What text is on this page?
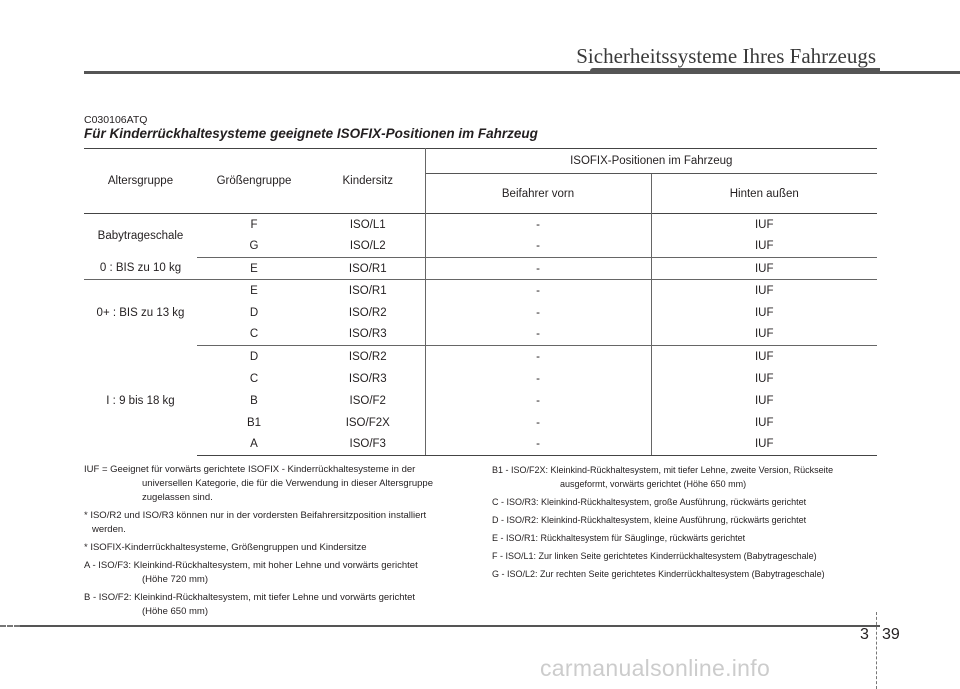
Sicherheitssysteme Ihres Fahrzeugs
C030106ATQ
Für Kinderrückhaltesysteme geeignete ISOFIX-Positionen im Fahrzeug
Altersgruppe	Größengruppe	Kindersitz	ISOFIX-Positionen im Fahrzeug	
			Beifahrer vorn	Hinten außen
Babytrageschale	F	ISO/L1	-	IUF
	G	ISO/L2	-	IUF
0 : BIS zu 10 kg	E	ISO/R1	-	IUF
0+ : BIS zu 13 kg	E	ISO/R1	-	IUF
	D	ISO/R2	-	IUF
	C	ISO/R3	-	IUF
I : 9 bis 18 kg	D	ISO/R2	-	IUF
	C	ISO/R3	-	IUF
	B	ISO/F2	-	IUF
	B1	ISO/F2X	-	IUF
	A	ISO/F3	-	IUF
IUF = Geeignet für vorwärts gerichtete ISOFIX - Kinderrückhaltesysteme in der
universellen Kategorie, die für die Verwendung in dieser Altersgruppe zugelassen sind.
* ISO/R2 und ISO/R3 können nur in der vordersten Beifahrersitzposition installiert
werden.
* ISOFIX-Kinderrückhaltesysteme, Größengruppen und Kindersitze
A - ISO/F3: Kleinkind-Rückhaltesystem, mit hoher Lehne und vorwärts gerichtet
(Höhe 720 mm)
B - ISO/F2: Kleinkind-Rückhaltesystem, mit tiefer Lehne und vorwärts gerichtet
(Höhe 650 mm)
B1 - ISO/F2X: Kleinkind-Rückhaltesystem, mit tiefer Lehne, zweite Version, Rückseite
ausgeformt, vorwärts gerichtet (Höhe 650 mm)
C - ISO/R3: Kleinkind-Rückhaltesystem, große Ausführung, rückwärts gerichtet
D - ISO/R2: Kleinkind-Rückhaltesystem, kleine Ausführung, rückwärts gerichtet
E - ISO/R1: Rückhaltesystem für Säuglinge, rückwärts gerichtet
F - ISO/L1: Zur linken Seite gerichtetes Kinderrückhaltesystem (Babytrageschale)
G - ISO/L2: Zur rechten Seite gerichtetes Kinderrückhaltesystem (Babytrageschale)
3 39
carmanualsonline.info
